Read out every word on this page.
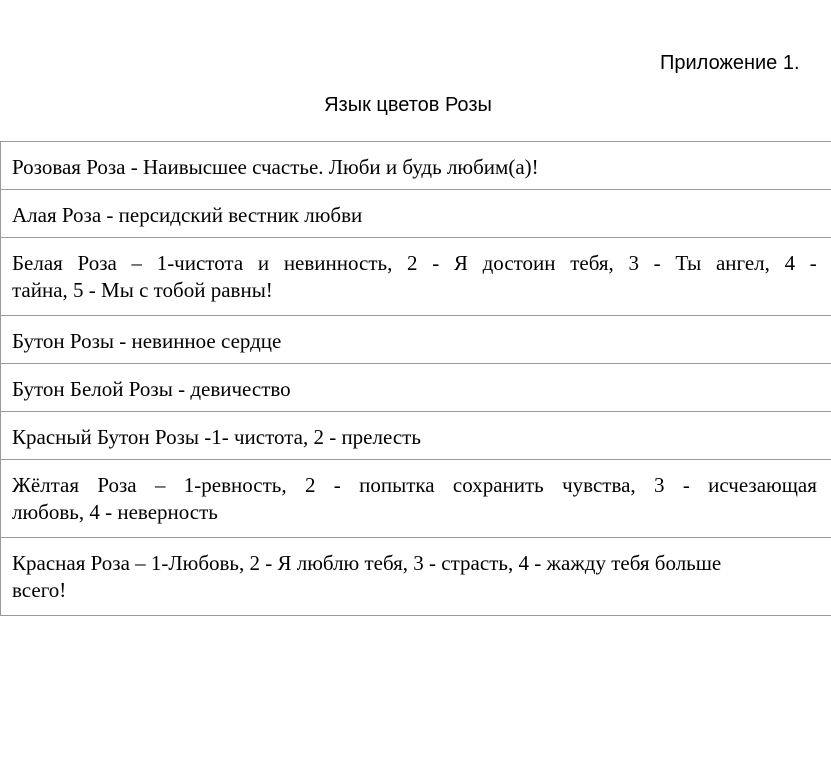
Приложение 1.
Язык цветов Розы
Розовая Роза - Наивысшее счастье. Люби и будь любим(а)!
Алая Роза - персидский вестник любви
Белая Роза – 1-чистота и невинность, 2 - Я достоин тебя, 3 - Ты ангел, 4 -
тайна, 5 - Мы с тобой равны!
Бутон Розы - невинное сердце
Бутон Белой Розы - девичество
Красный Бутон Розы -1- чистота, 2 - прелесть
Жёлтая Роза – 1-ревность, 2 - попытка сохранить чувства, 3 - исчезающая
любовь, 4 - неверность
Красная Роза – 1-Любовь, 2 - Я люблю тебя, 3 - страсть, 4 - жажду тебя больше
всего!
